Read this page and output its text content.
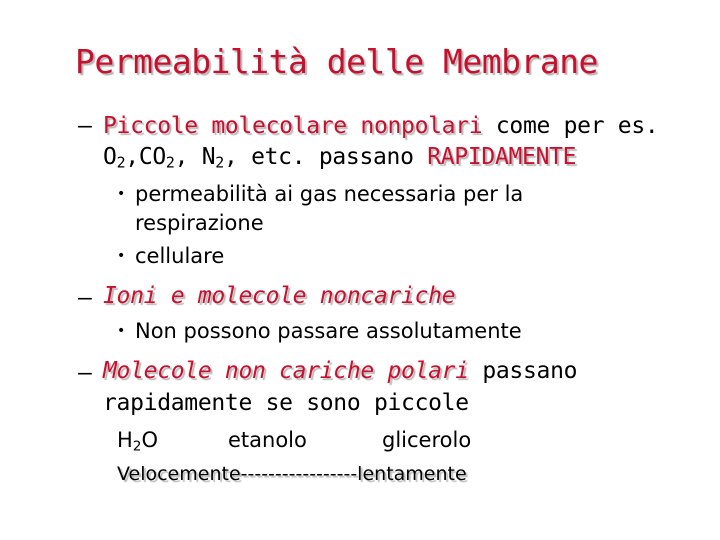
Permeabilità delle Membrane
– Piccole molecolare nonpolari come per es.
$O_2,CO_2$, $N_2$, etc. passano RAPIDAMENTE
• permeabilità ai gas necessaria per la
respirazione
• cellulare
– Ioni e molecole noncariche
• Non possono passare assolutamente
– Molecole non cariche polari passano
rapidamente se sono piccole
$H_2O$	etanolo	glicerolo
Velocemente-----------------lentamente
